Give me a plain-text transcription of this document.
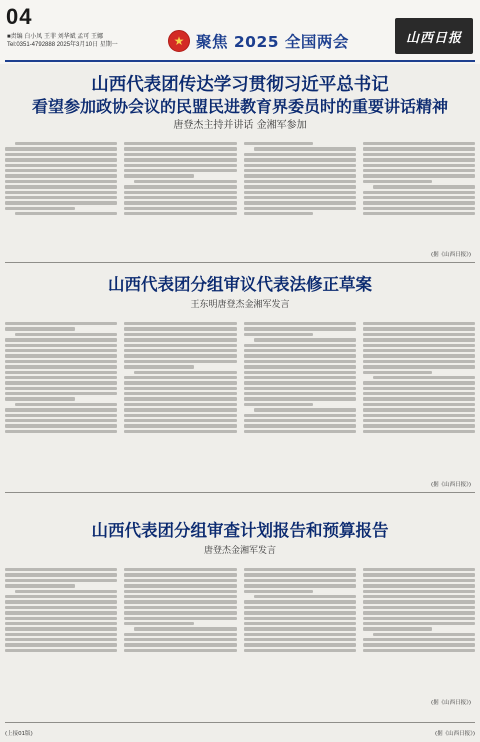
04
■责编 白小凤 王菲 刘华斌 孟可 王娜
Tel:0351-4792888 2025年3月10日 星期一	★ 聚焦 2025 全国两会	山西日报
山西代表团传达学习贯彻习近平总书记
看望参加政协会议的民盟民进教育界委员时的重要讲话精神
唐登杰主持并讲话 金湘军参加
(据《山西日报》)
山西代表团分组审议代表法修正草案
王东明唐登杰金湘军发言
(据《山西日报》)
山西代表团分组审查计划报告和预算报告
唐登杰金湘军发言
(据《山西日报》)
(上接01版)	(据《山西日报》)
